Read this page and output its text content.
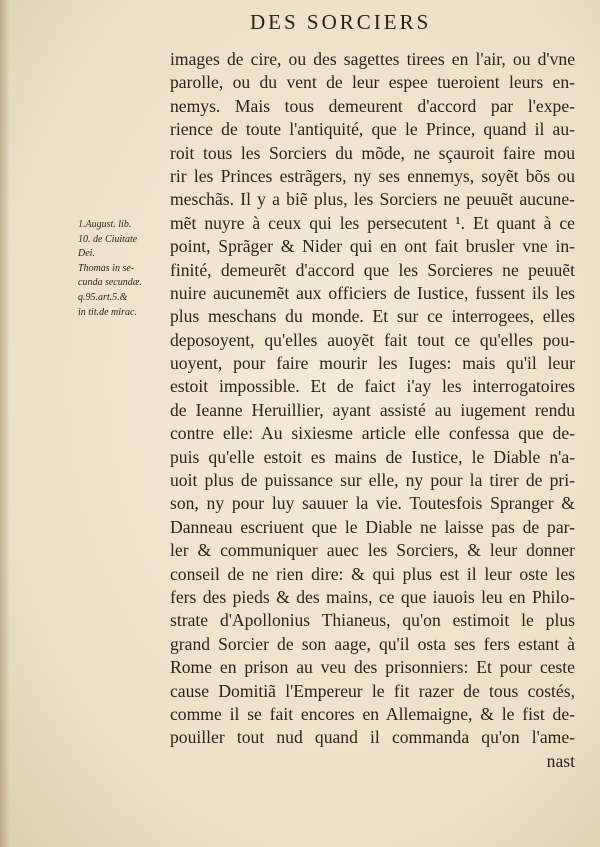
DES SORCIERS
1.August. lib.
10. de Ciuitate
Dei.
Thomas in se-
cunda secundæ.
q.95.art.5.&
in tit.de mirac.
images de cire, ou des sagettes tirees en l'air, ou d'vne
parolle, ou du vent de leur espee tueroient leurs en-
nemys. Mais tous demeurent d'accord par l'expe-
rience de toute l'antiquité, que le Prince, quand il au-
roit tous les Sorciers du mõde, ne sçauroit faire mou
rir les Princes estrãgers, ny ses ennemys, soyẽt bõs ou
meschãs. Il y a biẽ plus, les Sorciers ne peuuẽt aucune-
mẽt nuyre à ceux qui les persecutent ¹. Et quant à ce
point, Sprãger & Nider qui en ont fait brusler vne in-
finité, demeurẽt d'accord que les Sorcieres ne peuuẽt
nuire aucunemẽt aux officiers de Iustice, fussent ils les
plus meschans du monde. Et sur ce interrogees, elles
deposoyent, qu'elles auoyẽt fait tout ce qu'elles pou-
uoyent, pour faire mourir les Iuges: mais qu'il leur
estoit impossible. Et de faict i'ay les interrogatoires
de Ieanne Heruillier, ayant assisté au iugement rendu
contre elle: Au sixiesme article elle confessa que de-
puis qu'elle estoit es mains de Iustice, le Diable n'a-
uoit plus de puissance sur elle, ny pour la tirer de pri-
son, ny pour luy sauuer la vie. Toutesfois Spranger &
Danneau escriuent que le Diable ne laisse pas de par-
ler & communiquer auec les Sorciers, & leur donner
conseil de ne rien dire: & qui plus est il leur oste les
fers des pieds & des mains, ce que iauois leu en Philo-
strate d'Apollonius Thianeus, qu'on estimoit le plus
grand Sorcier de son aage, qu'il osta ses fers estant à
Rome en prison au veu des prisonniers: Et pour ceste
cause Domitiã l'Empereur le fit razer de tous costés,
comme il se fait encores en Allemaigne, & le fist de-
pouiller tout nud quand il commanda qu'on l'ame-
nast
